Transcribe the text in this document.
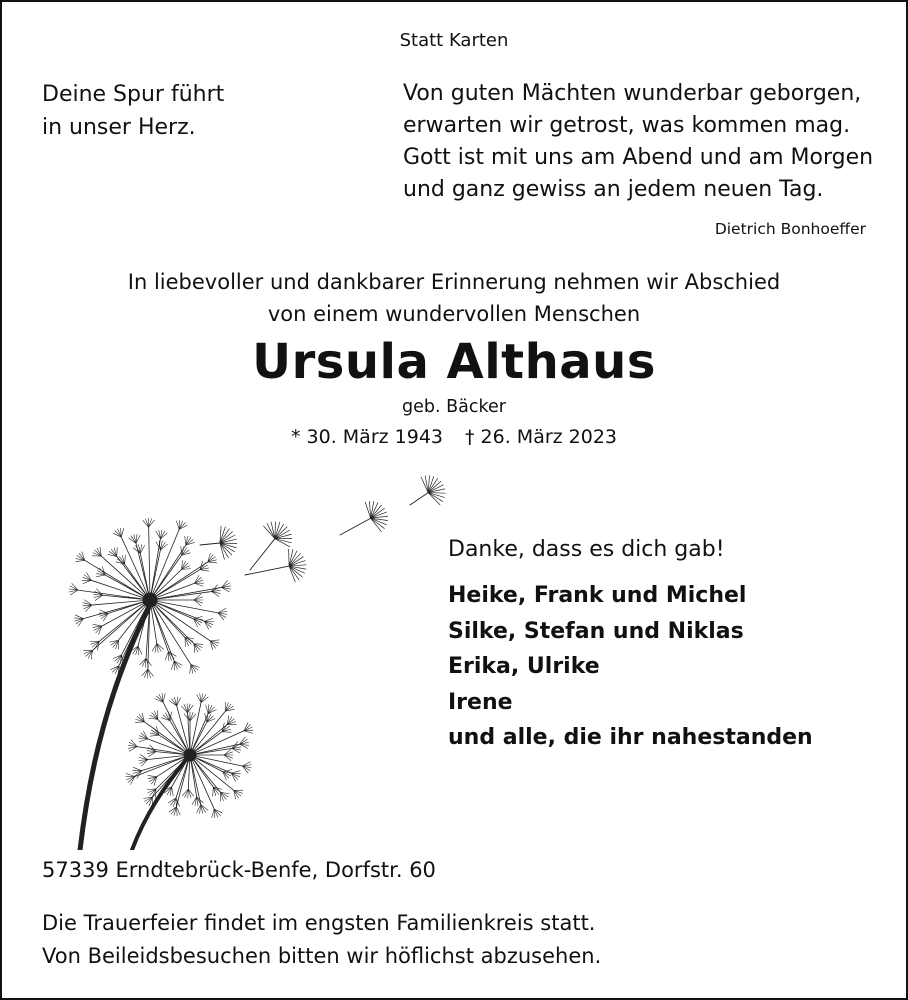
Statt Karten
Deine Spur führt
in unser Herz.
Von guten Mächten wunderbar geborgen,
erwarten wir getrost, was kommen mag.
Gott ist mit uns am Abend und am Morgen
und ganz gewiss an jedem neuen Tag.
Dietrich Bonhoeffer
In liebevoller und dankbarer Erinnerung nehmen wir Abschied
von einem wundervollen Menschen
Ursula Althaus
geb. Bäcker
* 30. März 1943 † 26. März 2023
Danke, dass es dich gab!
Heike, Frank und Michel
Silke, Stefan und Niklas
Erika, Ulrike
Irene
und alle, die ihr nahestanden
57339 Erndtebrück-Benfe, Dorfstr. 60
Die Trauerfeier findet im engsten Familienkreis statt.
Von Beileidsbesuchen bitten wir höflichst abzusehen.
